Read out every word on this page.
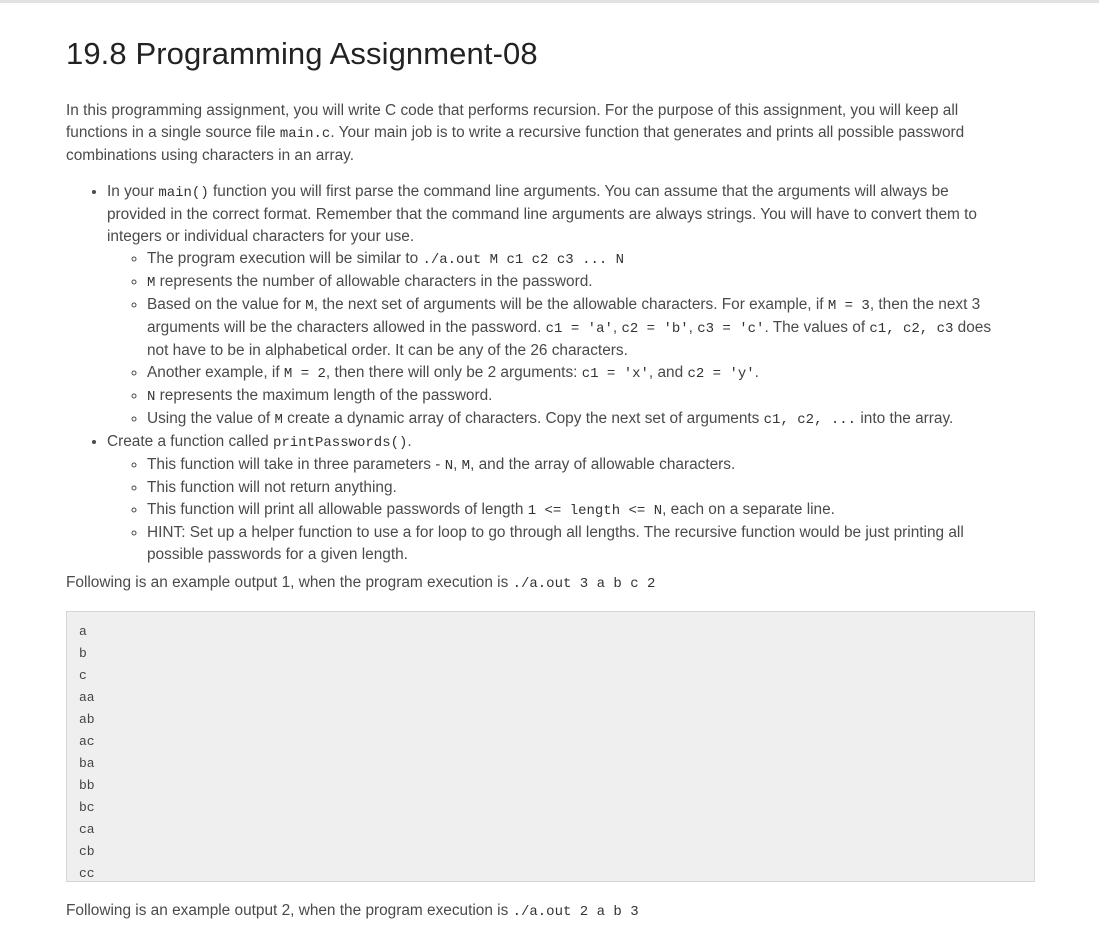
19.8 Programming Assignment-08

In this programming assignment, you will write C code that performs recursion. For the purpose of this assignment, you will keep all functions in a single source file main.c. Your main job is to write a recursive function that generates and prints all possible password combinations using characters in an array.

• In your main() function you will first parse the command line arguments. You can assume that the arguments will always be provided in the correct format. Remember that the command line arguments are always strings. You will have to convert them to integers or individual characters for your use.
◦ The program execution will be similar to ./a.out M c1 c2 c3 ... N
◦ M represents the number of allowable characters in the password.
◦ Based on the value for M, the next set of arguments will be the allowable characters. For example, if M = 3, then the next 3 arguments will be the characters allowed in the password. c1 = 'a', c2 = 'b', c3 = 'c'. The values of c1, c2, c3 does not have to be in alphabetical order. It can be any of the 26 characters.
◦ Another example, if M = 2, then there will only be 2 arguments: c1 = 'x', and c2 = 'y'.
◦ N represents the maximum length of the password.
◦ Using the value of M create a dynamic array of characters. Copy the next set of arguments c1, c2, ... into the array.
• Create a function called printPasswords().
◦ This function will take in three parameters - N, M, and the array of allowable characters.
◦ This function will not return anything.
◦ This function will print all allowable passwords of length 1 <= length <= N, each on a separate line.
◦ HINT: Set up a helper function to use a for loop to go through all lengths. The recursive function would be just printing all possible passwords for a given length.

Following is an example output 1, when the program execution is ./a.out 3 a b c 2

a
b
c
aa
ab
ac
ba
bb
bc
ca
cb
cc

Following is an example output 2, when the program execution is ./a.out 2 a b 3
